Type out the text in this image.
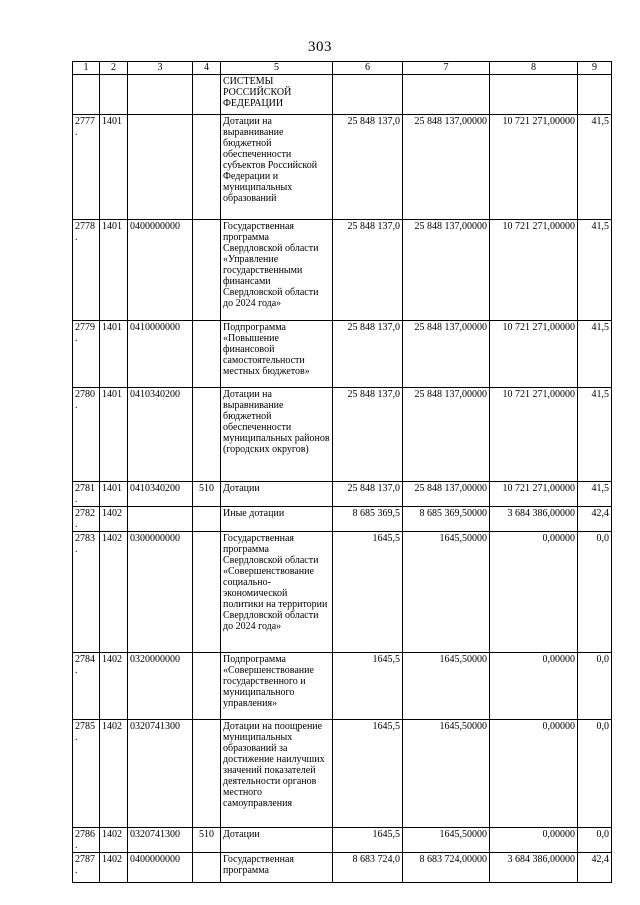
303
1	2	3	4	5	6	7	8	9
				СИСТЕМЫ РОССИЙСКОЙ ФЕДЕРАЦИИ				
2777.	1401			Дотации на выравнивание бюджетной обеспеченности субъектов Российской Федерации и муниципальных образований	25 848 137,0	25 848 137,00000	10 721 271,00000	41,5
2778.	1401	0400000000		Государственная программа Свердловской области «Управление государственными финансами Свердловской области до 2024 года»	25 848 137,0	25 848 137,00000	10 721 271,00000	41,5
2779.	1401	0410000000		Подпрограмма «Повышение финансовой самостоятельности местных бюджетов»	25 848 137,0	25 848 137,00000	10 721 271,00000	41,5
2780.	1401	0410340200		Дотации на выравнивание бюджетной обеспеченности муниципальных районов (городских округов)	25 848 137,0	25 848 137,00000	10 721 271,00000	41,5
2781.	1401	0410340200	510	Дотации	25 848 137,0	25 848 137,00000	10 721 271,00000	41,5
2782.	1402			Иные дотации	8 685 369,5	8 685 369,50000	3 684 386,00000	42,4
2783.	1402	0300000000		Государственная программа Свердловской области «Совершенствование социально-экономической политики на территории Свердловской области до 2024 года»	1645,5	1645,50000	0,00000	0,0
2784.	1402	0320000000		Подпрограмма «Совершенствование государственного и муниципального управления»	1645,5	1645,50000	0,00000	0,0
2785.	1402	0320741300		Дотации на поощрение муниципальных образований за достижение наилучших значений показателей деятельности органов местного самоуправления	1645,5	1645,50000	0,00000	0,0
2786.	1402	0320741300	510	Дотации	1645,5	1645,50000	0,00000	0,0
2787.	1402	0400000000		Государственная программа	8 683 724,0	8 683 724,00000	3 684 386,00000	42,4
